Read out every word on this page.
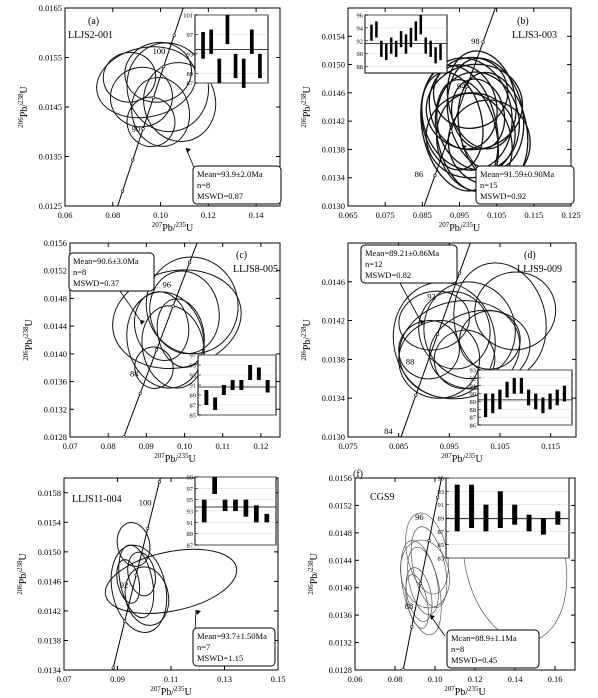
0.06	0.08	0.10	0.12	0.14
0.0125
0.0135
0.0145
0.0155
0.0165
$^{207}$Pb/$^{235}$U
$^{206}$Pb/$^{238}$U
90
100
(a)
LLJS2-001
Mean=93.9±2.0Ma
n=8
MSWD=0.87
101
97
93
89
87
0.065 0.075 0.085 0.095 0.105 0.115 0.125
0.0130
0.0134
0.0138
0.0142
0.0146
0.0150
0.0154
$^{207}$Pb/$^{235}$U
$^{206}$Pb/$^{238}$U
86
94
98
(b)
LLJS3-003
Mean=91.59±0.90Ma
n=15
MSWD=0.92
96
94
92
90
88
0.07	0.08	0.09	0.10	0.11	0.12
0.0128
0.0132
0.0136
0.0140
0.0144
0.0148
0.0152
0.0156
$^{207}$Pb/$^{235}$U
$^{206}$Pb/$^{238}$U
88
96
(c)
LLJS8-005
Mean=90.6±3.0Ma
n=8
MSWD=0.37
97
95
93
91
89
87
85
0.075	0.085	0.095	0.105	0.115
0.0130
0.0134
0.0138
0.0142
0.0146
$^{207}$Pb/$^{235}$U
$^{206}$Pb/$^{238}$U
84
88
92
(d)
LLJS9-009
Mean=89.21±0.86Ma
n=12
MSWD=0.82
93
92
91
90
89
88
87
86
0.07	0.09	0.11	0.13	0.15
0.0134
0.0138
0.0142
0.0146
0.0150
0.0154
0.0158
$^{207}$Pb/$^{235}$U
$^{206}$Pb/$^{238}$U
92
100
LLJS11-004
Mean=93.7±1.50Ma
n=7
MSWD=1.15
99
97
95
93
91
89
87
0.06	0.08	0.10	0.12	0.14	0.16
0.0128
0.0132
0.0136
0.0140
0.0144
0.0148
0.0152
0.0156
$^{207}$Pb/$^{235}$U
$^{206}$Pb/$^{238}$U
88
96
(f)
CGS9
Mcan=88.9±1.1Ma
n=8
MSWD=0.45
95
93
91
89
87
85
83
